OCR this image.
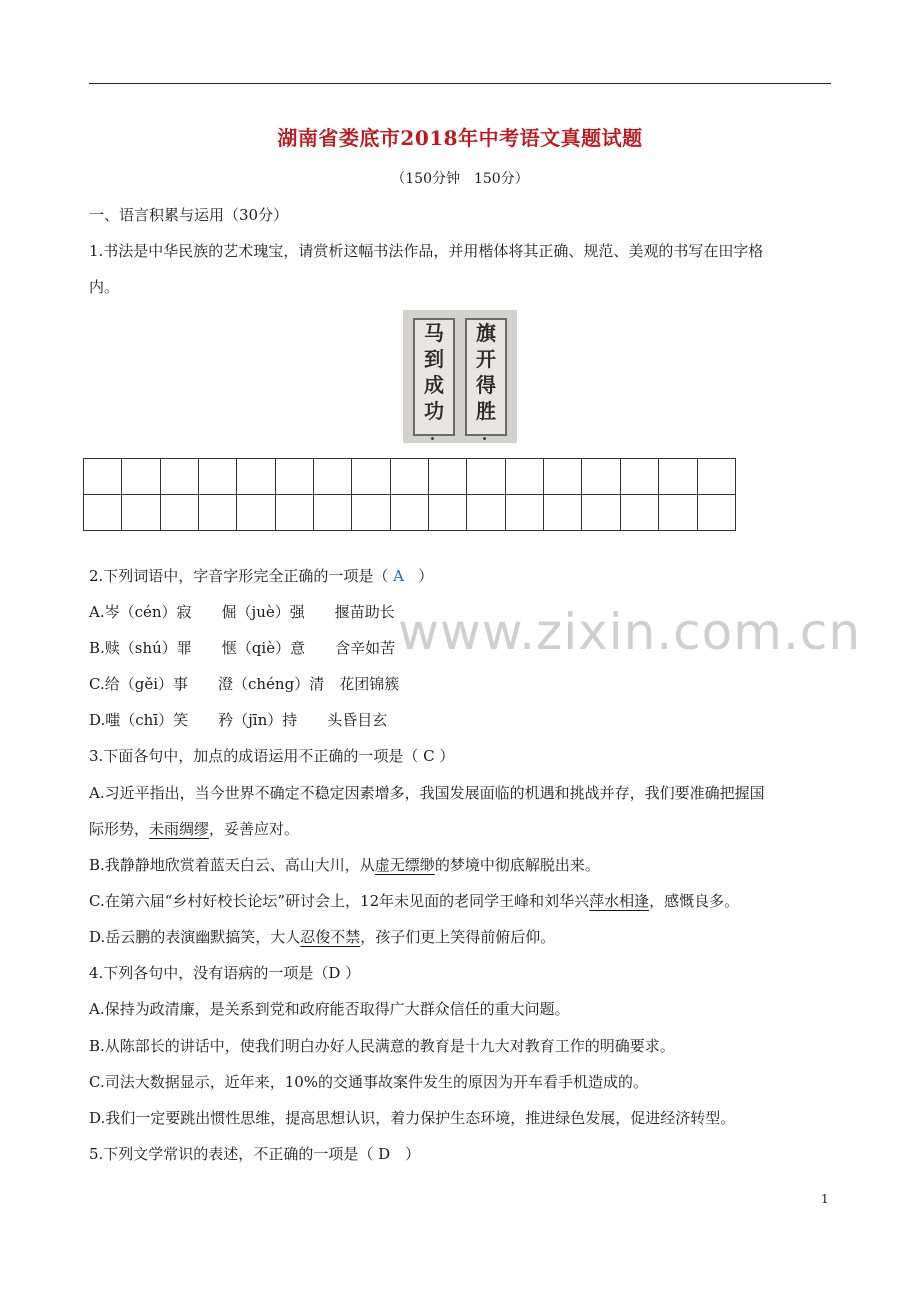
湖南省娄底市2018年中考语文真题试题
（150分钟　150分）
一、语言积累与运用（30分）
1.书法是中华民族的艺术瑰宝，请赏析这幅书法作品，并用楷体将其正确、规范、美观的书写在田字格
内。
马
到
成
功
旗
开
得
胜

2.下列词语中，字音字形完全正确的一项是（ A ）
A.岑（cén）寂　　倔（juè）强　　揠苗助长
B.赎（shú）罪　　惬（qiè）意　　含辛如苦
C.给（gěi）事　　澄（chéng）清　花团锦簇
D.嗤（chī）笑　　矜（jīn）持　　头昏目玄
3.下面各句中，加点的成语运用不正确的一项是（ C ）
A.习近平指出，当今世界不确定不稳定因素增多，我国发展面临的机遇和挑战并存，我们要准确把握国
际形势，未雨绸缪，妥善应对。
B.我静静地欣赏着蓝天白云、高山大川，从虚无缥缈的梦境中彻底解脱出来。
C.在第六届“乡村好校长论坛”研讨会上，12年未见面的老同学王峰和刘华兴萍水相逢，感慨良多。
D.岳云鹏的表演幽默搞笑，大人忍俊不禁，孩子们更上笑得前俯后仰。
4.下列各句中，没有语病的一项是（D ）
A.保持为政清廉，是关系到党和政府能否取得广大群众信任的重大问题。
B.从陈部长的讲话中，使我们明白办好人民满意的教育是十九大对教育工作的明确要求。
C.司法大数据显示，近年来，10%的交通事故案件发生的原因为开车看手机造成的。
D.我们一定要跳出惯性思维，提高思想认识，着力保护生态环境，推进绿色发展，促进经济转型。
5.下列文学常识的表述，不正确的一项是（ D　）
www.zixin.com.cn
1
